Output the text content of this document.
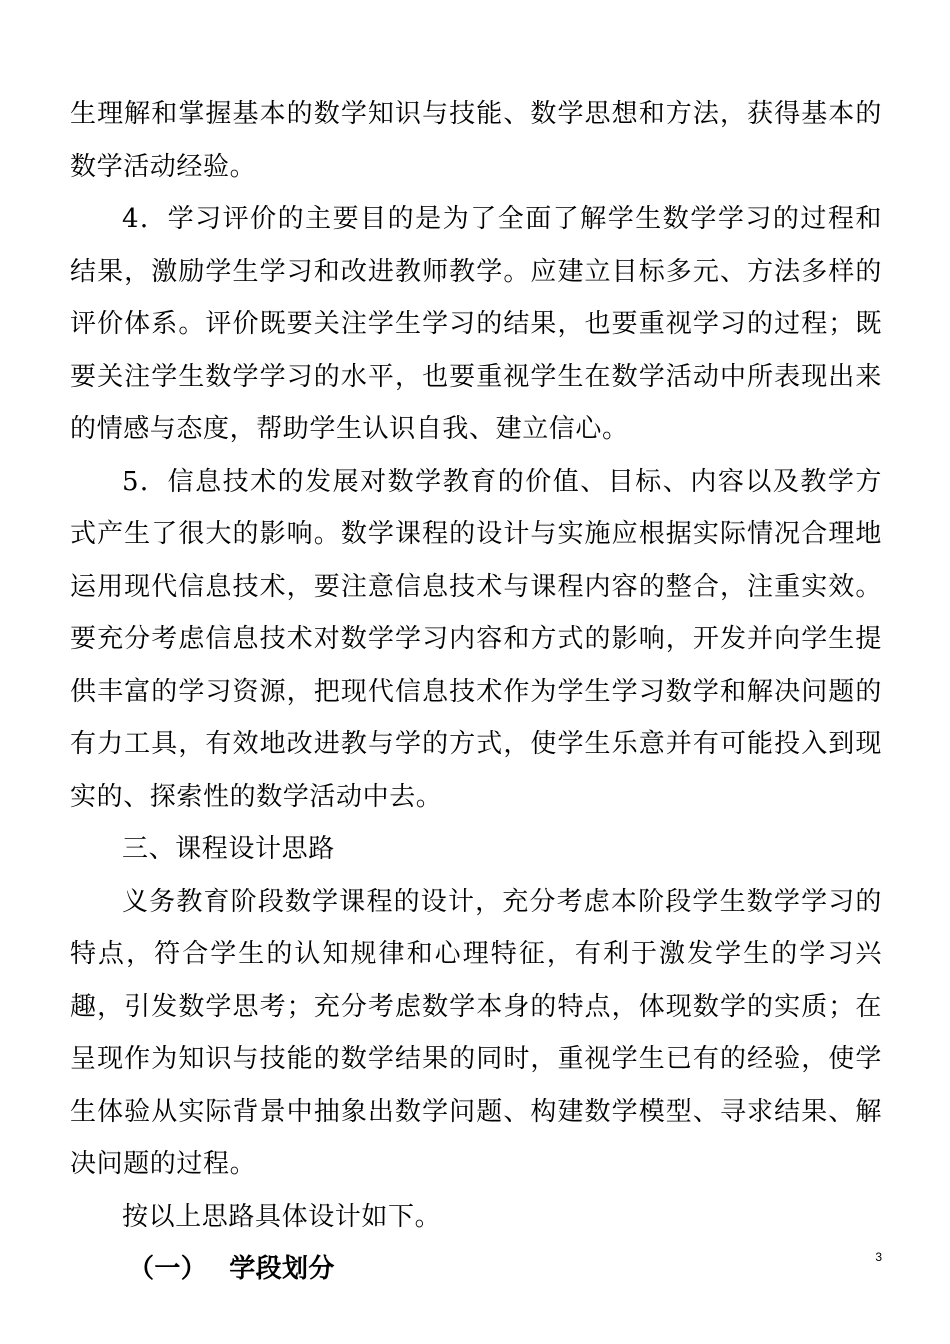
生理解和掌握基本的数学知识与技能、数学思想和方法，获得基本的数学活动经验。

4．学习评价的主要目的是为了全面了解学生数学学习的过程和结果，激励学生学习和改进教师教学。应建立目标多元、方法多样的评价体系。评价既要关注学生学习的结果，也要重视学习的过程；既要关注学生数学学习的水平，也要重视学生在数学活动中所表现出来的情感与态度，帮助学生认识自我、建立信心。

5．信息技术的发展对数学教育的价值、目标、内容以及教学方式产生了很大的影响。数学课程的设计与实施应根据实际情况合理地运用现代信息技术，要注意信息技术与课程内容的整合，注重实效。要充分考虑信息技术对数学学习内容和方式的影响，开发并向学生提供丰富的学习资源，把现代信息技术作为学生学习数学和解决问题的有力工具，有效地改进教与学的方式，使学生乐意并有可能投入到现实的、探索性的数学活动中去。

三、课程设计思路

义务教育阶段数学课程的设计，充分考虑本阶段学生数学学习的特点，符合学生的认知规律和心理特征，有利于激发学生的学习兴趣，引发数学思考；充分考虑数学本身的特点，体现数学的实质；在呈现作为知识与技能的数学结果的同时，重视学生已有的经验，使学生体验从实际背景中抽象出数学问题、构建数学模型、寻求结果、解决问题的过程。

按以上思路具体设计如下。

（一） 学段划分	3
